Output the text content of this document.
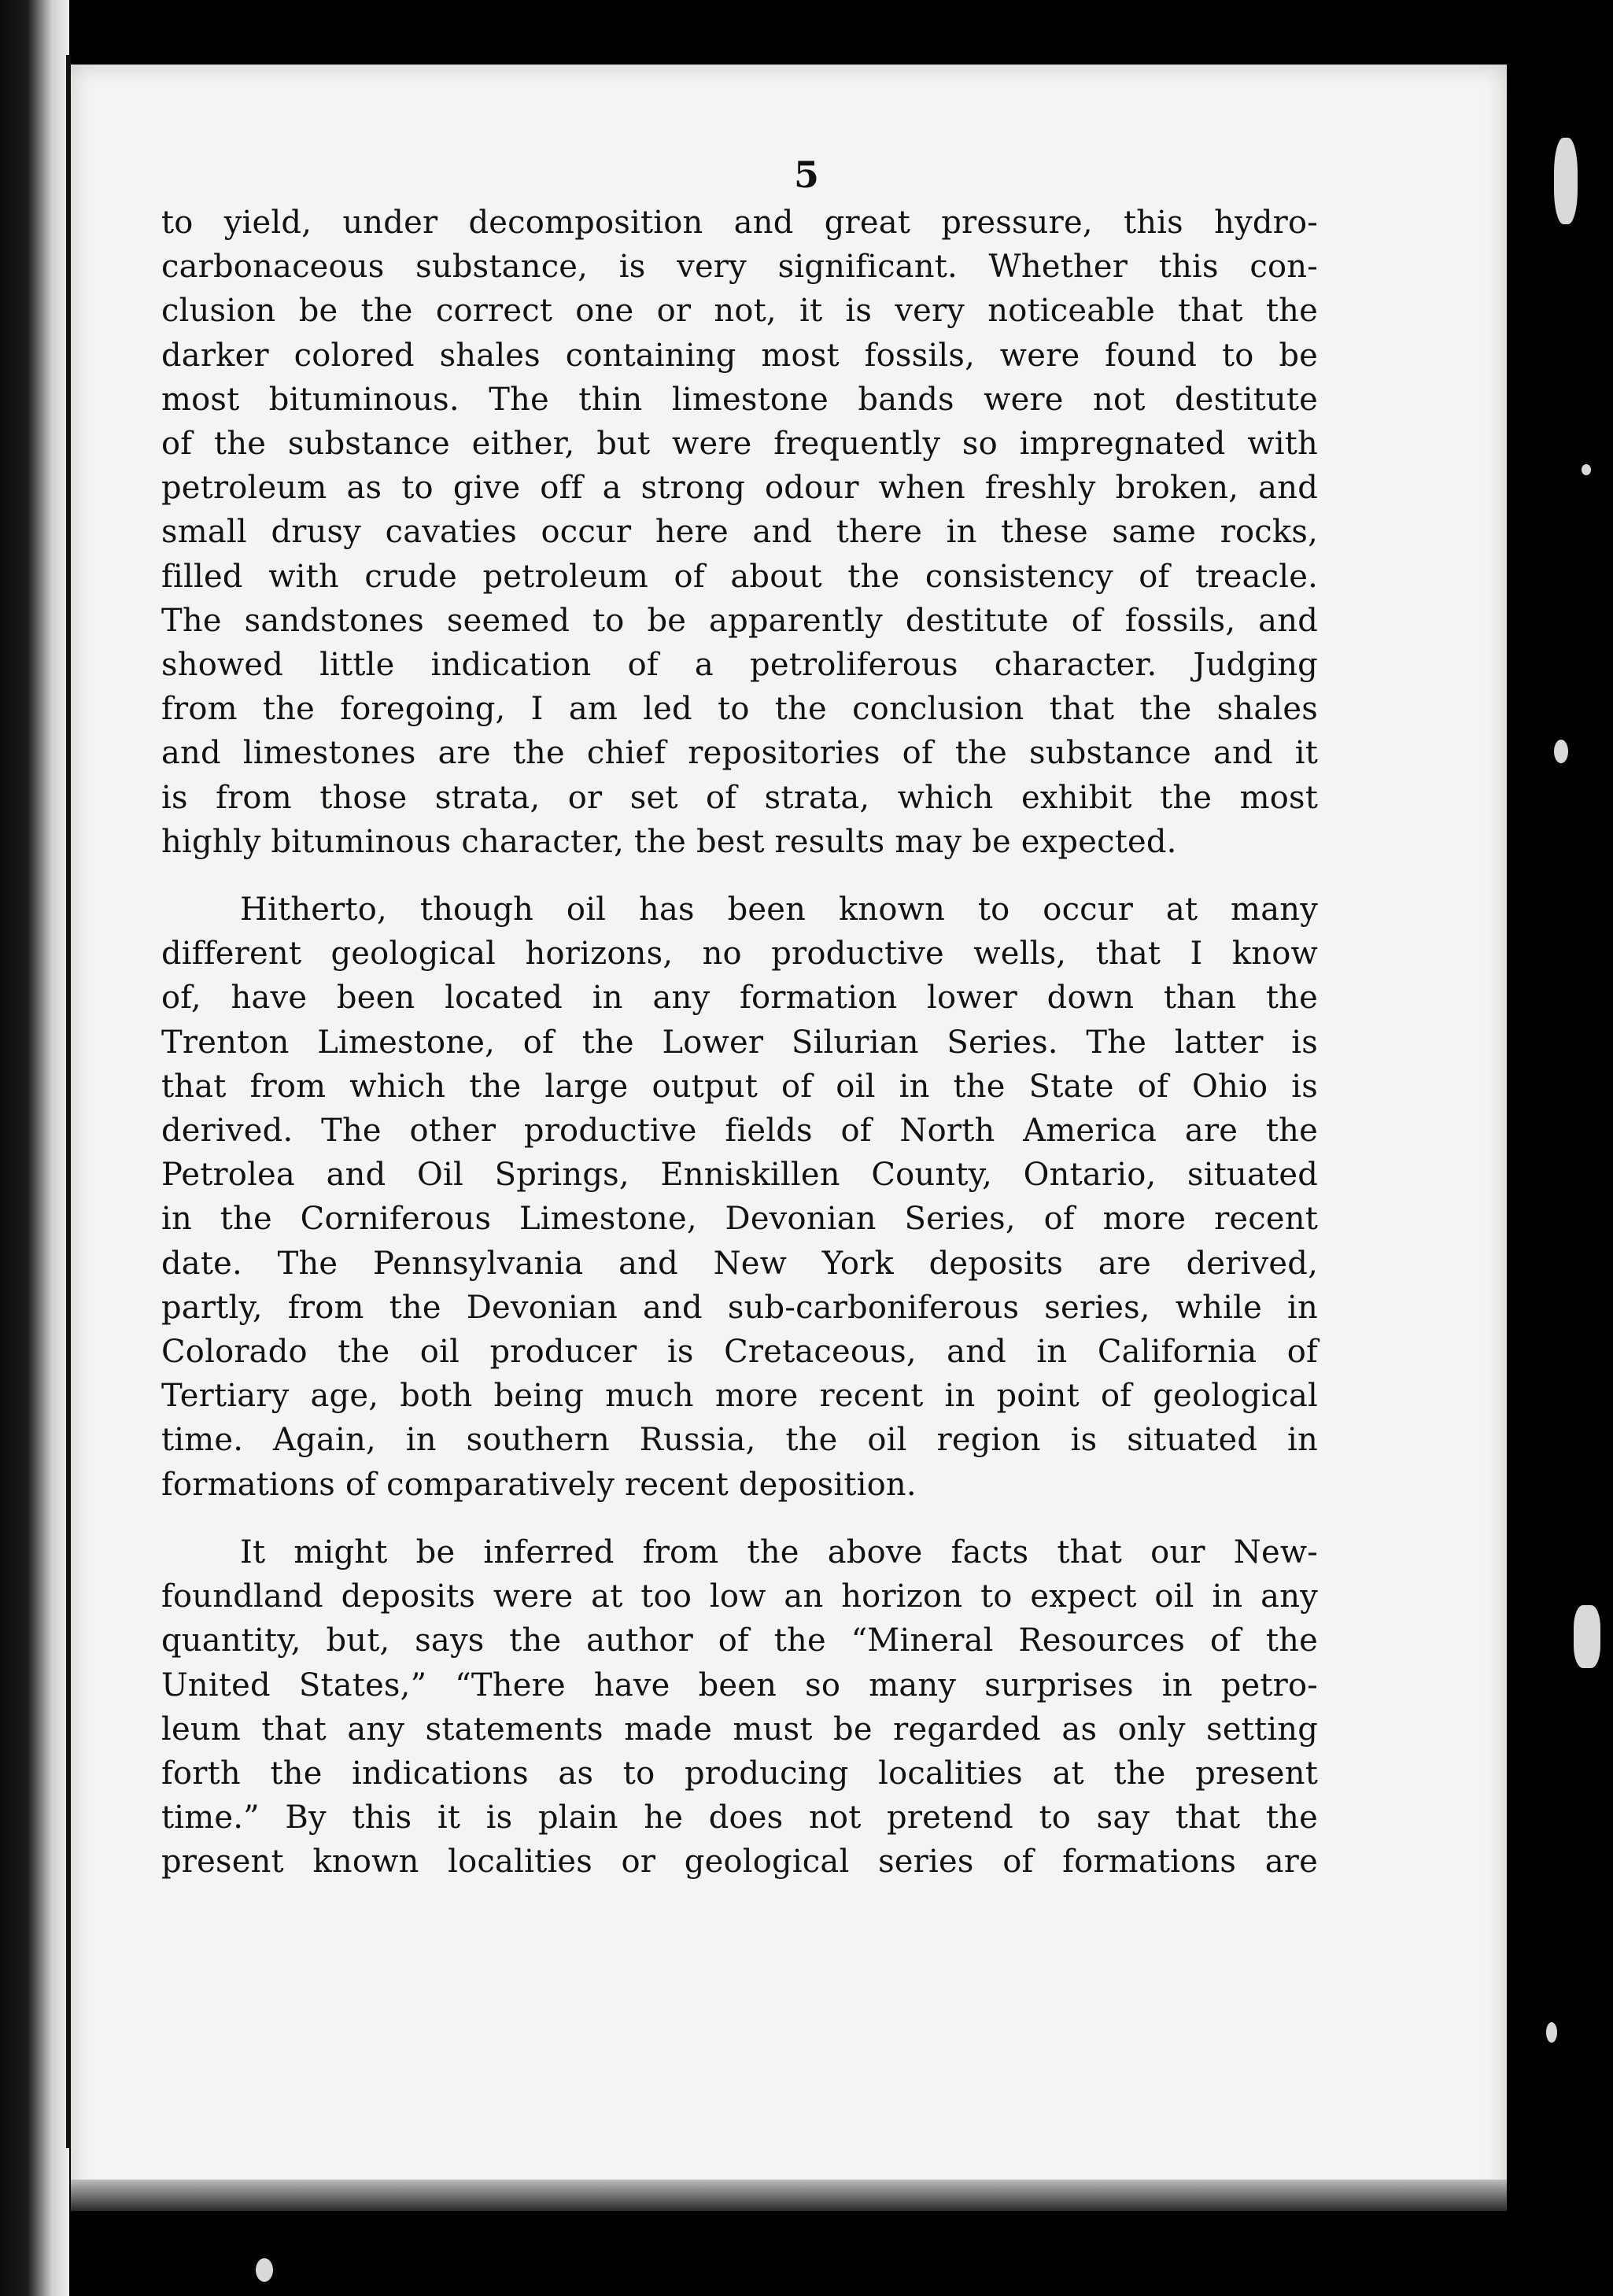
5
to yield, under decomposition and great pressure, this hydro-
carbonaceous substance, is very significant. Whether this con-
clusion be the correct one or not, it is very noticeable that the
darker colored shales containing most fossils, were found to be
most bituminous. The thin limestone bands were not destitute
of the substance either, but were frequently so impregnated with
petroleum as to give off a strong odour when freshly broken, and
small drusy cavaties occur here and there in these same rocks,
filled with crude petroleum of about the consistency of treacle.
The sandstones seemed to be apparently destitute of fossils, and
showed little indication of a petroliferous character. Judging
from the foregoing, I am led to the conclusion that the shales
and limestones are the chief repositories of the substance and it
is from those strata, or set of strata, which exhibit the most
highly bituminous character, the best results may be expected.
Hitherto, though oil has been known to occur at many
different geological horizons, no productive wells, that I know
of, have been located in any formation lower down than the
Trenton Limestone, of the Lower Silurian Series. The latter is
that from which the large output of oil in the State of Ohio is
derived. The other productive fields of North America are the
Petrolea and Oil Springs, Enniskillen County, Ontario, situated
in the Corniferous Limestone, Devonian Series, of more recent
date. The Pennsylvania and New York deposits are derived,
partly, from the Devonian and sub-carboniferous series, while in
Colorado the oil producer is Cretaceous, and in California of
Tertiary age, both being much more recent in point of geological
time. Again, in southern Russia, the oil region is situated in
formations of comparatively recent deposition.
It might be inferred from the above facts that our New-
foundland deposits were at too low an horizon to expect oil in any
quantity, but, says the author of the “Mineral Resources of the
United States,” “There have been so many surprises in petro-
leum that any statements made must be regarded as only setting
forth the indications as to producing localities at the present
time.” By this it is plain he does not pretend to say that the
present known localities or geological series of formations are
